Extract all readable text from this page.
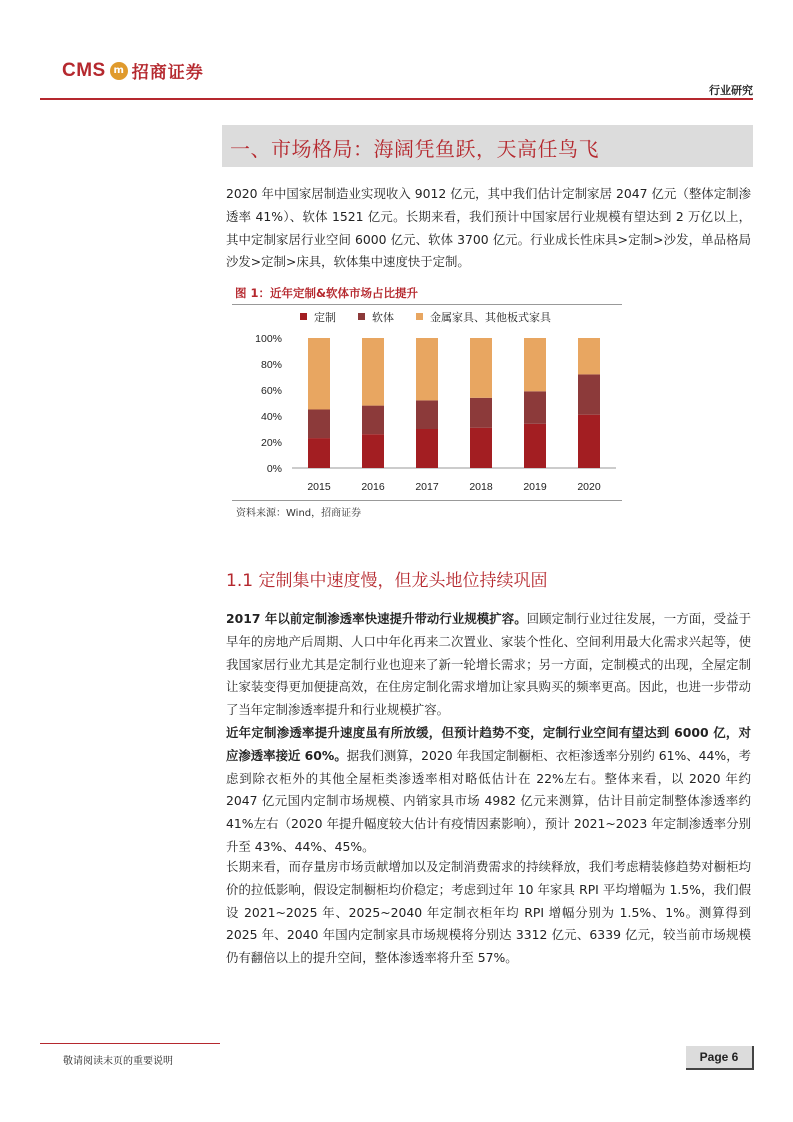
CMS m 招商证券
行业研究
一、市场格局：海阔凭鱼跃，天高任鸟飞
2020 年中国家居制造业实现收入 9012 亿元，其中我们估计定制家居 2047 亿元（整体定制渗透率 41%）、软体 1521 亿元。长期来看，我们预计中国家居行业规模有望达到 2 万亿以上，其中定制家居行业空间 6000 亿元、软体 3700 亿元。行业成长性床具>定制>沙发，单品格局沙发>定制>床具，软体集中速度快于定制。
图 1：近年定制&软体市场占比提升
定制	软体	金属家具、其他板式家具
0%
20%
40%
60%
80%
100%
2015	2016	2017	2018	2019	2020
资料来源：Wind，招商证券
1.1 定制集中速度慢，但龙头地位持续巩固
2017 年以前定制渗透率快速提升带动行业规模扩容。回顾定制行业过往发展，一方面，受益于早年的房地产后周期、人口中年化再来二次置业、家装个性化、空间利用最大化需求兴起等，使我国家居行业尤其是定制行业也迎来了新一轮增长需求；另一方面，定制模式的出现，全屋定制让家装变得更加便捷高效，在住房定制化需求增加让家具购买的频率更高。因此，也进一步带动了当年定制渗透率提升和行业规模扩容。
近年定制渗透率提升速度虽有所放缓，但预计趋势不变，定制行业空间有望达到 6000 亿，对应渗透率接近 60%。据我们测算，2020 年我国定制橱柜、衣柜渗透率分别约 61%、44%，考虑到除衣柜外的其他全屋柜类渗透率相对略低估计在 22%左右。整体来看，以 2020 年约 2047 亿元国内定制市场规模、内销家具市场 4982 亿元来测算，估计目前定制整体渗透率约 41%左右（2020 年提升幅度较大估计有疫情因素影响），预计 2021~2023 年定制渗透率分别升至 43%、44%、45%。
长期来看，而存量房市场贡献增加以及定制消费需求的持续释放，我们考虑精装修趋势对橱柜均价的拉低影响，假设定制橱柜均价稳定；考虑到过年 10 年家具 RPI 平均增幅为 1.5%，我们假设 2021~2025 年、2025~2040 年定制衣柜年均 RPI 增幅分别为 1.5%、1%。测算得到 2025 年、2040 年国内定制家具市场规模将分别达 3312 亿元、6339 亿元，较当前市场规模仍有翻倍以上的提升空间，整体渗透率将升至 57%。
敬请阅读末页的重要说明	Page 6
